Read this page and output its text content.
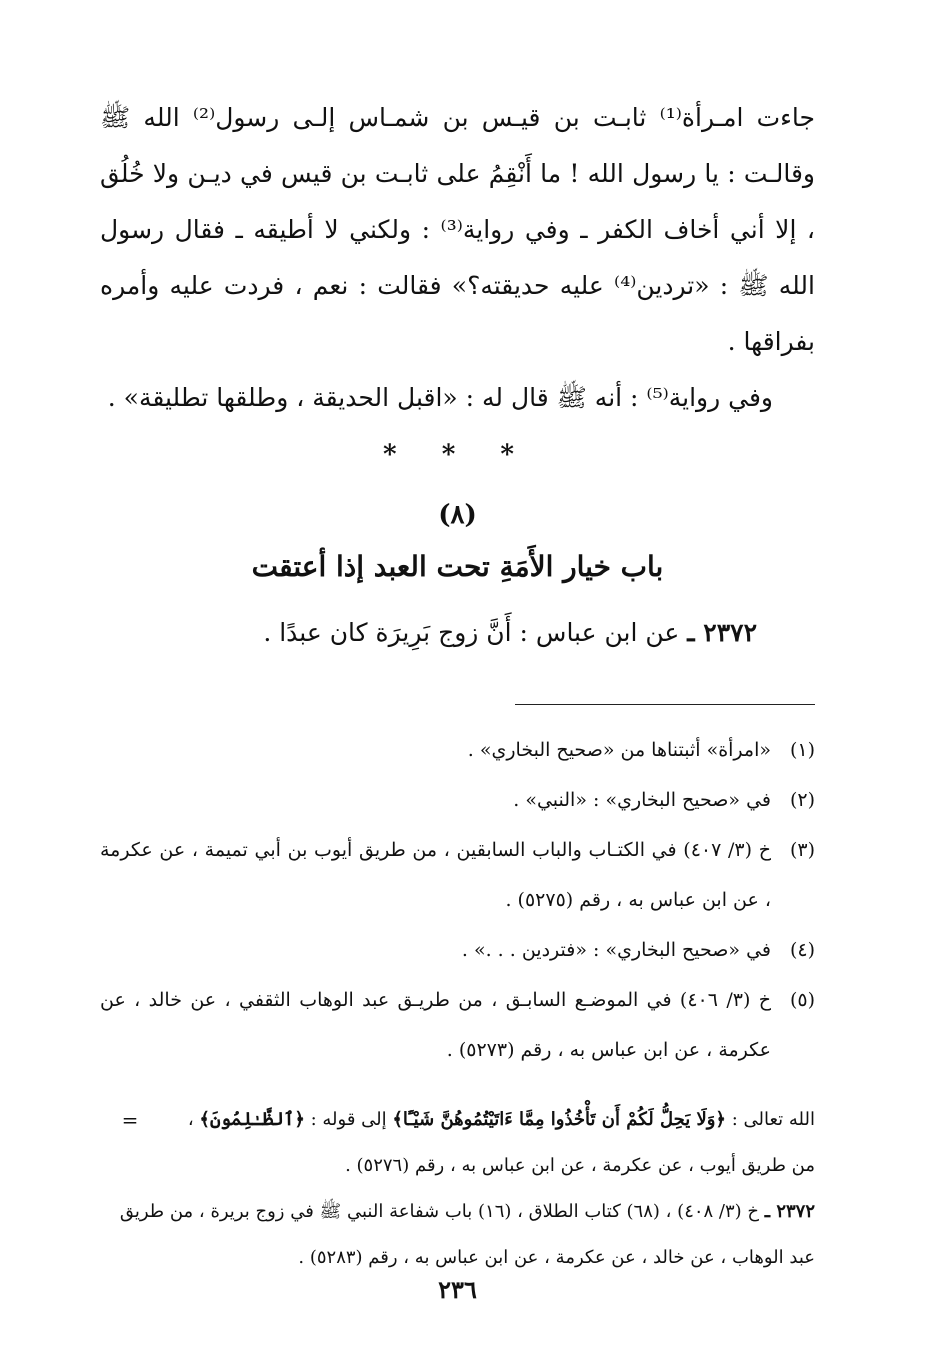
جاءت امـرأة⁽¹⁾ ثابـت بن قيـس بن شمـاس إلـى رسول⁽²⁾ الله ﷺ وقالـت : يا رسول الله ! ما أَنْقِمُ على ثابـت بن قيس في ديـن ولا خُلُق ، إلا أني أخاف الكفر ـ وفي رواية⁽³⁾ : ولكني لا أطيقه ـ فقال رسول الله ﷺ : «تردين⁽⁴⁾ عليه حديقته؟» فقالت : نعم ، فردت عليه وأمره بفراقها .

وفي رواية⁽⁵⁾ : أنه ﷺ قال له : «اقبل الحديقة ، وطلقها تطليقة» .

* * *
(٨)
باب خيار الأَمَةِ تحت العبد إذا أعتقت
٢٣٧٢ ـ عن ابن عباس : أَنَّ زوج بَرِيرَة كان عبدًا .
(١)
«امرأة» أثبتناها من «صحيح البخاري» .
(٢)
في «صحيح البخاري» : «النبي» .
(٣)
خ (٣/ ٤٠٧) في الكتـاب والباب السابقين ، من طريق أيوب بن أبي تميمة ، عن عكرمة ، عن ابن عباس به ، رقم (٥٢٧٥) .
(٤)
في «صحيح البخاري» : «فتردين . . .» .
(٥)
خ (٣/ ٤٠٦) في الموضـع السابـق ، من طريـق عبد الوهاب الثقفي ، عن خالد ، عن عكرمة ، عن ابن عباس به ، رقم (٥٢٧٣) .
=	الله تعالى : ﴿وَلَا يَحِلُّ لَكُمْ أَن تَأْخُذُوا مِمَّا ءَاتَيْتُمُوهُنَّ شَيْـًٔا﴾ إلى قوله : ﴿ٱلظَّـٰلِمُونَ﴾ ، من طريق أيوب ، عن عكرمة ، عن ابن عباس به ، رقم (٥٢٧٦) .
٢٣٧٢ ـ خ (٣/ ٤٠٨) ، (٦٨) كتاب الطلاق ، (١٦) باب شفاعة النبي ﷺ في زوج بريرة ، من طريق عبد الوهاب ، عن خالد ، عن عكرمة ، عن ابن عباس به ، رقم (٥٢٨٣) .
٢٣٦
